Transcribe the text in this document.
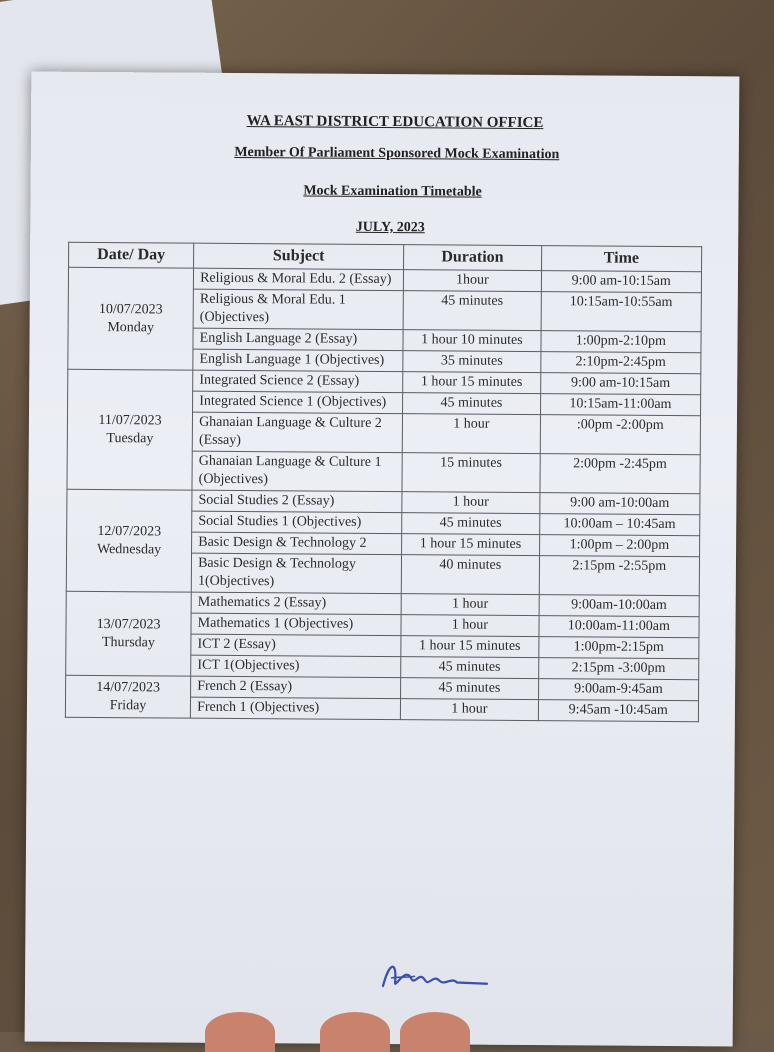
WA EAST DISTRICT EDUCATION OFFICE
Member Of Parliament Sponsored Mock Examination
Mock Examination Timetable
JULY, 2023
Date/ Day	Subject	Duration	Time

10/07/2023
Monday	Religious & Moral Edu. 2 (Essay)	1hour	9:00 am-10:15am
	Religious & Moral Edu. 1 (Objectives)	45 minutes	10:15am-10:55am
	English Language 2 (Essay)	1 hour 10 minutes	1:00pm-2:10pm
	English Language 1 (Objectives)	35 minutes	2:10pm-2:45pm

11/07/2023
Tuesday	Integrated Science 2 (Essay)	1 hour 15 minutes	9:00 am-10:15am
	Integrated Science 1 (Objectives)	45 minutes	10:15am-11:00am
	Ghanaian Language & Culture 2 (Essay)	1 hour	:00pm -2:00pm
	Ghanaian Language & Culture 1 (Objectives)	15 minutes	2:00pm -2:45pm

12/07/2023
Wednesday	Social Studies 2 (Essay)	1 hour	9:00 am-10:00am
	Social Studies 1 (Objectives)	45 minutes	10:00am – 10:45am
	Basic Design & Technology 2	1 hour 15 minutes	1:00pm – 2:00pm
	Basic Design & Technology 1(Objectives)	40 minutes	2:15pm -2:55pm

13/07/2023
Thursday	Mathematics 2 (Essay)	1 hour	9:00am-10:00am
	Mathematics 1 (Objectives)	1 hour	10:00am-11:00am
	ICT 2 (Essay)	1 hour 15 minutes	1:00pm-2:15pm
	ICT 1(Objectives)	45 minutes	2:15pm -3:00pm

14/07/2023
Friday	French 2 (Essay)	45 minutes	9:00am-9:45am
	French 1 (Objectives)	1 hour	9:45am -10:45am
